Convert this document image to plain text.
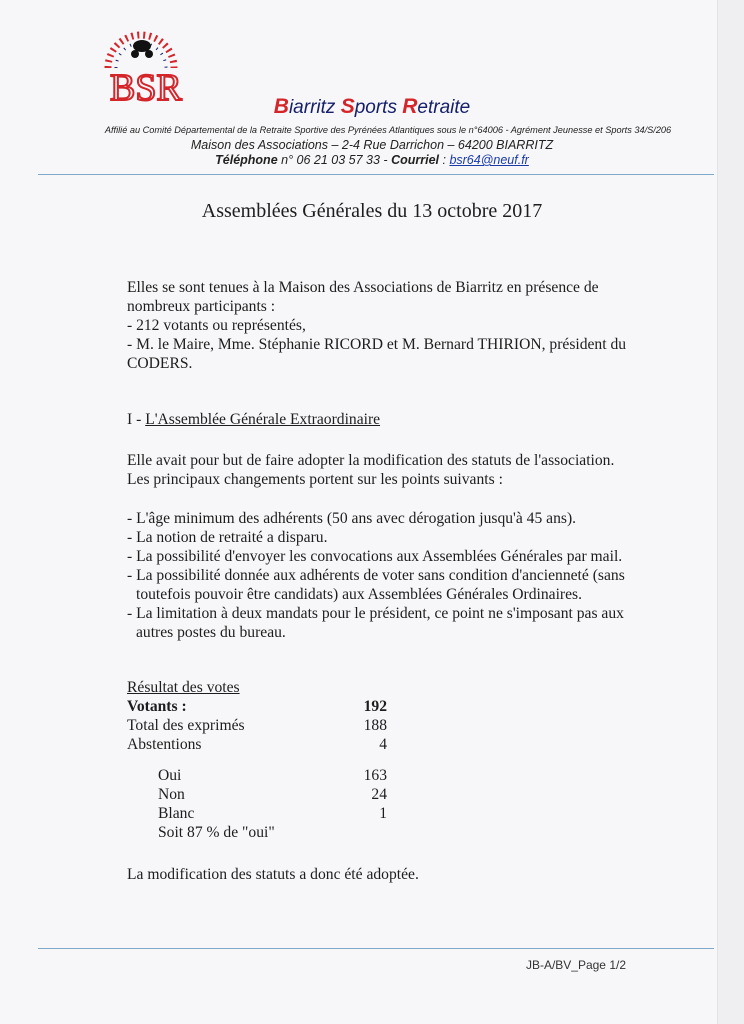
BSR	Biarritz Sports Retraite
Affilié au Comité Départemental de la Retraite Sportive des Pyrénées Atlantiques sous le n°64006 - Agrément Jeunesse et Sports 34/S/206
Maison des Associations – 2-4 Rue Darrichon – 64200 BIARRITZ
Téléphone n° 06 21 03 57 33 - Courriel : bsr64@neuf.fr
Assemblées Générales du 13 octobre 2017

Elles se sont tenues à la Maison des Associations de Biarritz en présence de nombreux participants :

- 212 votants ou représentés,

- M. le Maire, Mme. Stéphanie RICORD et M. Bernard THIRION, président du CODERS.

I - L'Assemblée Générale Extraordinaire

Elle avait pour but de faire adopter la modification des statuts de l'association.

Les principaux changements portent sur les points suivants :

- L'âge minimum des adhérents (50 ans avec dérogation jusqu'à 45 ans).

- La notion de retraité a disparu.

- La possibilité d'envoyer les convocations aux Assemblées Générales par mail.

- La possibilité donnée aux adhérents de voter sans condition d'ancienneté (sans toutefois pouvoir être candidats) aux Assemblées Générales Ordinaires.

- La limitation à deux mandats pour le président, ce point ne s'imposant pas aux autres postes du bureau.

Résultat des votes
Votants :	192
Total des exprimés	188
Abstentions	4
Oui	163
Non	24
Blanc	1
Soit 87 % de "oui"
La modification des statuts a donc été adoptée.
JB-A/BV_Page 1/2
